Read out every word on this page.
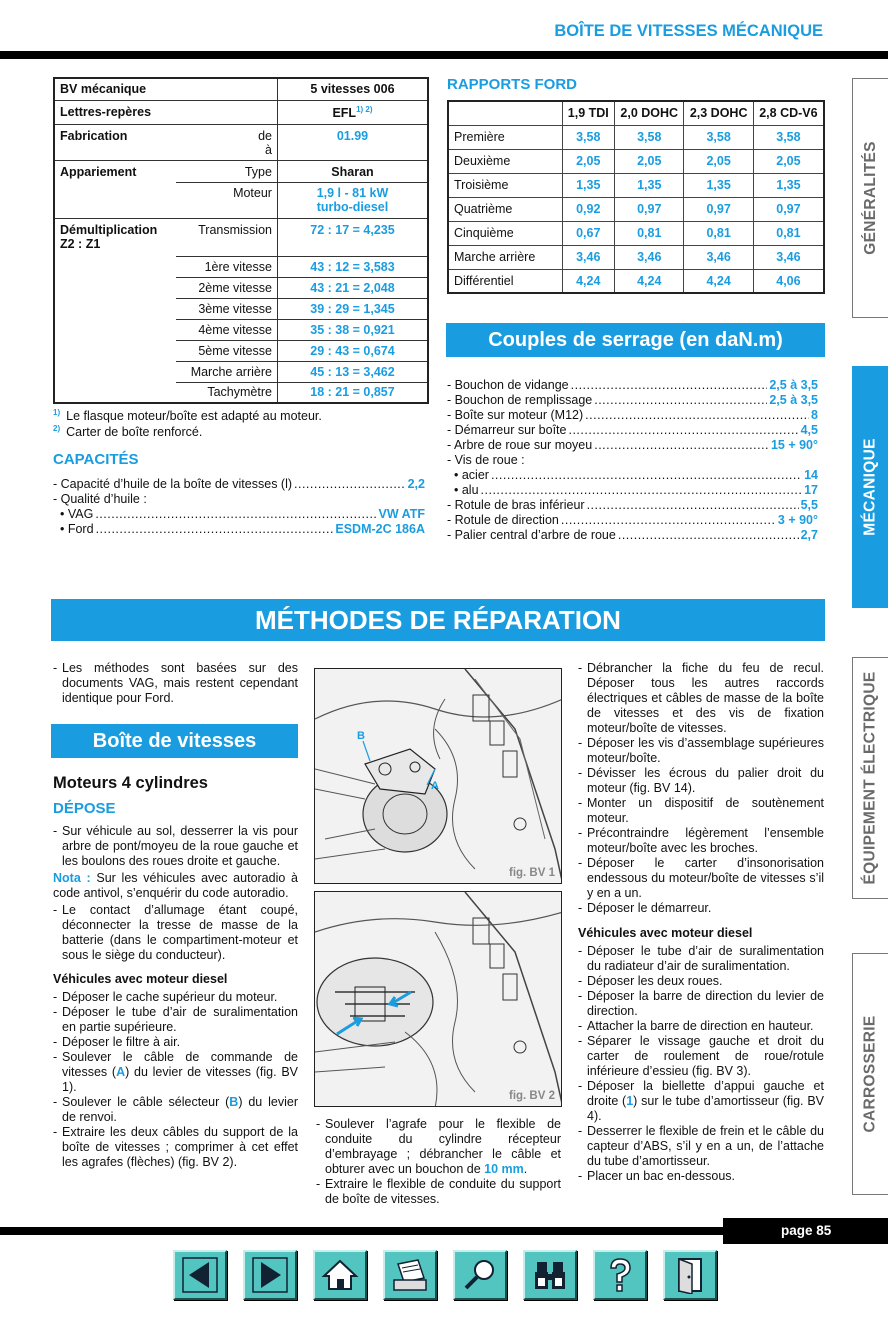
BOÎTE DE VITESSES MÉCANIQUE
GÉNÉRALITÉS
MÉCANIQUE
ÉQUIPEMENT ÉLECTRIQUE
CARROSSERIE
BV mécanique		5 vitesses 006
Lettres-repères		$EFL^{1) 2)}$
Fabrication	de
à	01.99
Appariement	Type	Sharan
	Moteur	1,9 l - 81 kW
turbo-diesel

Démultiplication
Z2 : Z1	Transmission	72 : 17 = 4,235
	1ère vitesse	43 : 12 = 3,583
	2ème vitesse	43 : 21 = 2,048
	3ème vitesse	39 : 29 = 1,345
	4ème vitesse	35 : 38 = 0,921
	5ème vitesse	29 : 43 = 0,674
	Marche arrière	45 : 13 = 3,462
	Tachymètre	18 : 21 = 0,857
$^{1)}$ Le flasque moteur/boîte est adapté au moteur.
$^{2)}$ Carter de boîte renforcé.
CAPACITÉS
- Capacité d’huile de la boîte de vitesses (l) .....	2,2
- Qualité d’huile :
• VAG .....	VW ATF
• Ford .....	ESDM-2C 186A
RAPPORTS FORD
	1,9 TDI	2,0 DOHC	2,3 DOHC	2,8 CD-V6
Première	3,58	3,58	3,58	3,58
Deuxième	2,05	2,05	2,05	2,05
Troisième	1,35	1,35	1,35	1,35
Quatrième	0,92	0,97	0,97	0,97
Cinquième	0,67	0,81	0,81	0,81
Marche arrière	3,46	3,46	3,46	3,46
Différentiel	4,24	4,24	4,24	4,06
Couples de serrage (en daN.m)
- Bouchon de vidange .....	2,5 à 3,5
- Bouchon de remplissage .....	2,5 à 3,5
- Boîte sur moteur (M12) .....	8
- Démarreur sur boîte .....	4,5
- Arbre de roue sur moyeu .....	15 + 90°
- Vis de roue :
• acier .....	14
• alu .....	17
- Rotule de bras inférieur .....	5,5
- Rotule de direction .....	3 + 90°
- Palier central d’arbre de roue .....	2,7
MÉTHODES DE RÉPARATION
- Les méthodes sont basées sur des documents VAG, mais restent cependant identique pour Ford.
Boîte de vitesses
Moteurs 4 cylindres
DÉPOSE
- Sur véhicule au sol, desserrer la vis pour arbre de pont/moyeu de la roue gauche et les boulons des roues droite et gauche.
Nota : Sur les véhicules avec autoradio à code antivol, s’enquérir du code autoradio.
- Le contact d’allumage étant coupé, déconnecter la tresse de masse de la batterie (dans le compartiment-moteur et sous le siège du conducteur).
Véhicules avec moteur diesel
- Déposer le cache supérieur du moteur.
- Déposer le tube d’air de suralimentation en partie supérieure.
- Déposer le filtre à air.
- Soulever le câble de commande de vitesses (A) du levier de vitesses (fig. BV 1).
- Soulever le câble sélecteur (B) du levier de renvoi.
- Extraire les deux câbles du support de la boîte de vitesses ; comprimer à cet effet les agrafes (flèches) (fig. BV 2).
B
A
fig. BV 1
fig. BV 2
- Soulever l’agrafe pour le flexible de conduite du cylindre récepteur d’embrayage ; débrancher le câble et obturer avec un bouchon de 10 mm.
- Extraire le flexible de conduite du support de boîte de vitesses.
- Débrancher la fiche du feu de recul. Déposer tous les autres raccords électriques et câbles de masse de la boîte de vitesses et des vis de fixation moteur/boîte de vitesses.
- Déposer les vis d’assemblage supérieures moteur/boîte.
- Dévisser les écrous du palier droit du moteur (fig. BV 14).
- Monter un dispositif de soutènement moteur.
- Précontraindre légèrement l’ensemble moteur/boîte avec les broches.
- Déposer le carter d’insonorisation endessous du moteur/boîte de vitesses s’il y en a un.
- Déposer le démarreur.
Véhicules avec moteur diesel
- Déposer le tube d’air de suralimentation du radiateur d’air de suralimentation.
- Déposer les deux roues.
- Déposer la barre de direction du levier de direction.
- Attacher la barre de direction en hauteur.
- Séparer le vissage gauche et droit du carter de roulement de roue/rotule inférieure d’essieu (fig. BV 3).
- Déposer la biellette d’appui gauche et droite (1) sur le tube d’amortisseur (fig. BV 4).
- Desserrer le flexible de frein et le câble du capteur d’ABS, s’il y en a un, de l’attache du tube d’amortisseur.
- Placer un bac en-dessous.
page 85
